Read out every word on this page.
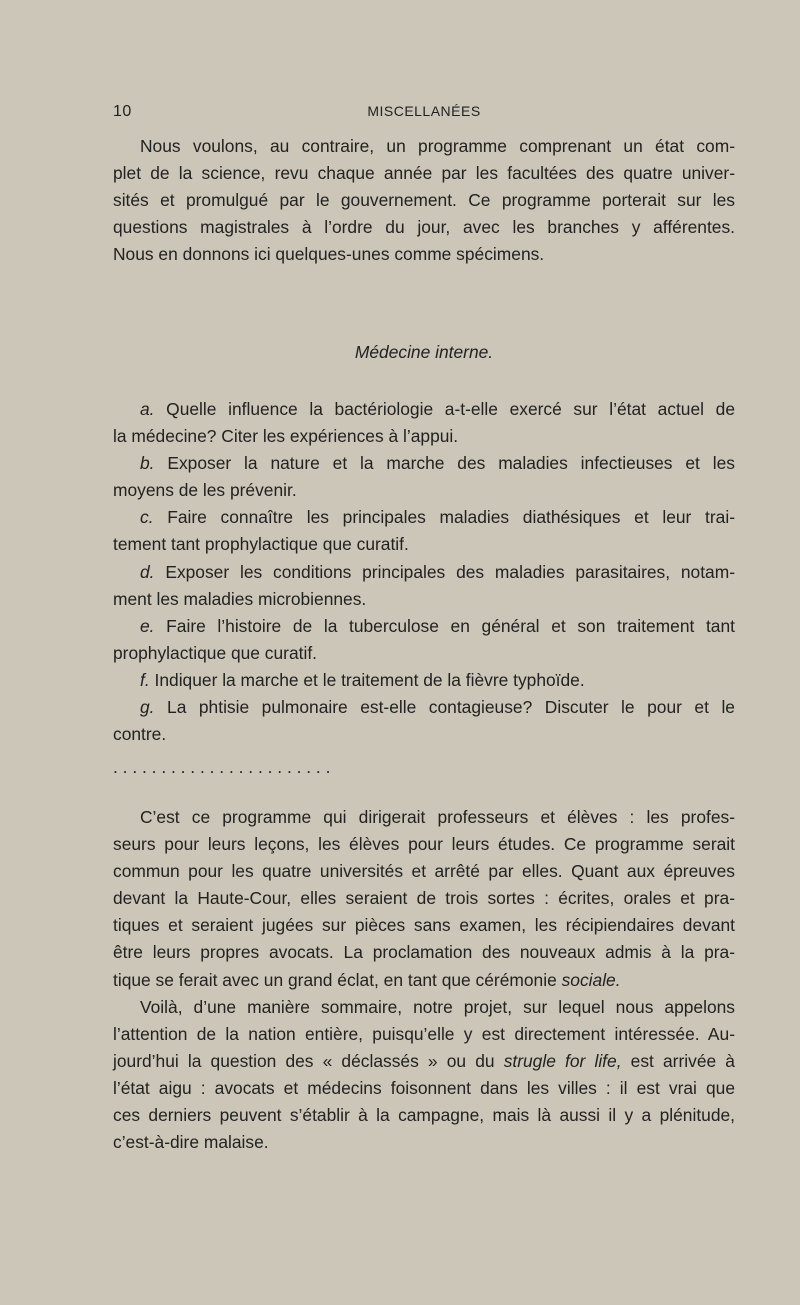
10	MISCELLANÉES
Nous voulons, au contraire, un programme comprenant un état com-
plet de la science, revu chaque année par les facultées des quatre univer-
sités et promulgué par le gouvernement. Ce programme porterait sur les
questions magistrales à l’ordre du jour, avec les branches y afférentes.
Nous en donnons ici quelques-unes comme spécimens.
Médecine interne.
a. Quelle influence la bactériologie a-t-elle exercé sur l’état actuel de
la médecine? Citer les expériences à l’appui.
b. Exposer la nature et la marche des maladies infectieuses et les
moyens de les prévenir.
c. Faire connaître les principales maladies diathésiques et leur trai-
tement tant prophylactique que curatif.
d. Exposer les conditions principales des maladies parasitaires, notam-
ment les maladies microbiennes.
e. Faire l’histoire de la tuberculose en général et son traitement tant
prophylactique que curatif.
f. Indiquer la marche et le traitement de la fièvre typhoïde.
g. La phtisie pulmonaire est-elle contagieuse? Discuter le pour et le
contre.
. . . . . . . . . . . . . . . . . . . . . . .
C’est ce programme qui dirigerait professeurs et élèves : les profes-
seurs pour leurs leçons, les élèves pour leurs études. Ce programme serait
commun pour les quatre universités et arrêté par elles. Quant aux épreuves
devant la Haute-Cour, elles seraient de trois sortes : écrites, orales et pra-
tiques et seraient jugées sur pièces sans examen, les récipiendaires devant
être leurs propres avocats. La proclamation des nouveaux admis à la pra-
tique se ferait avec un grand éclat, en tant que cérémonie sociale.
Voilà, d’une manière sommaire, notre projet, sur lequel nous appelons
l’attention de la nation entière, puisqu’elle y est directement intéressée. Au-
jourd’hui la question des « déclassés » ou du strugle for life, est arrivée à
l’état aigu : avocats et médecins foisonnent dans les villes : il est vrai que
ces derniers peuvent s’établir à la campagne, mais là aussi il y a plénitude,
c’est-à-dire malaise.
